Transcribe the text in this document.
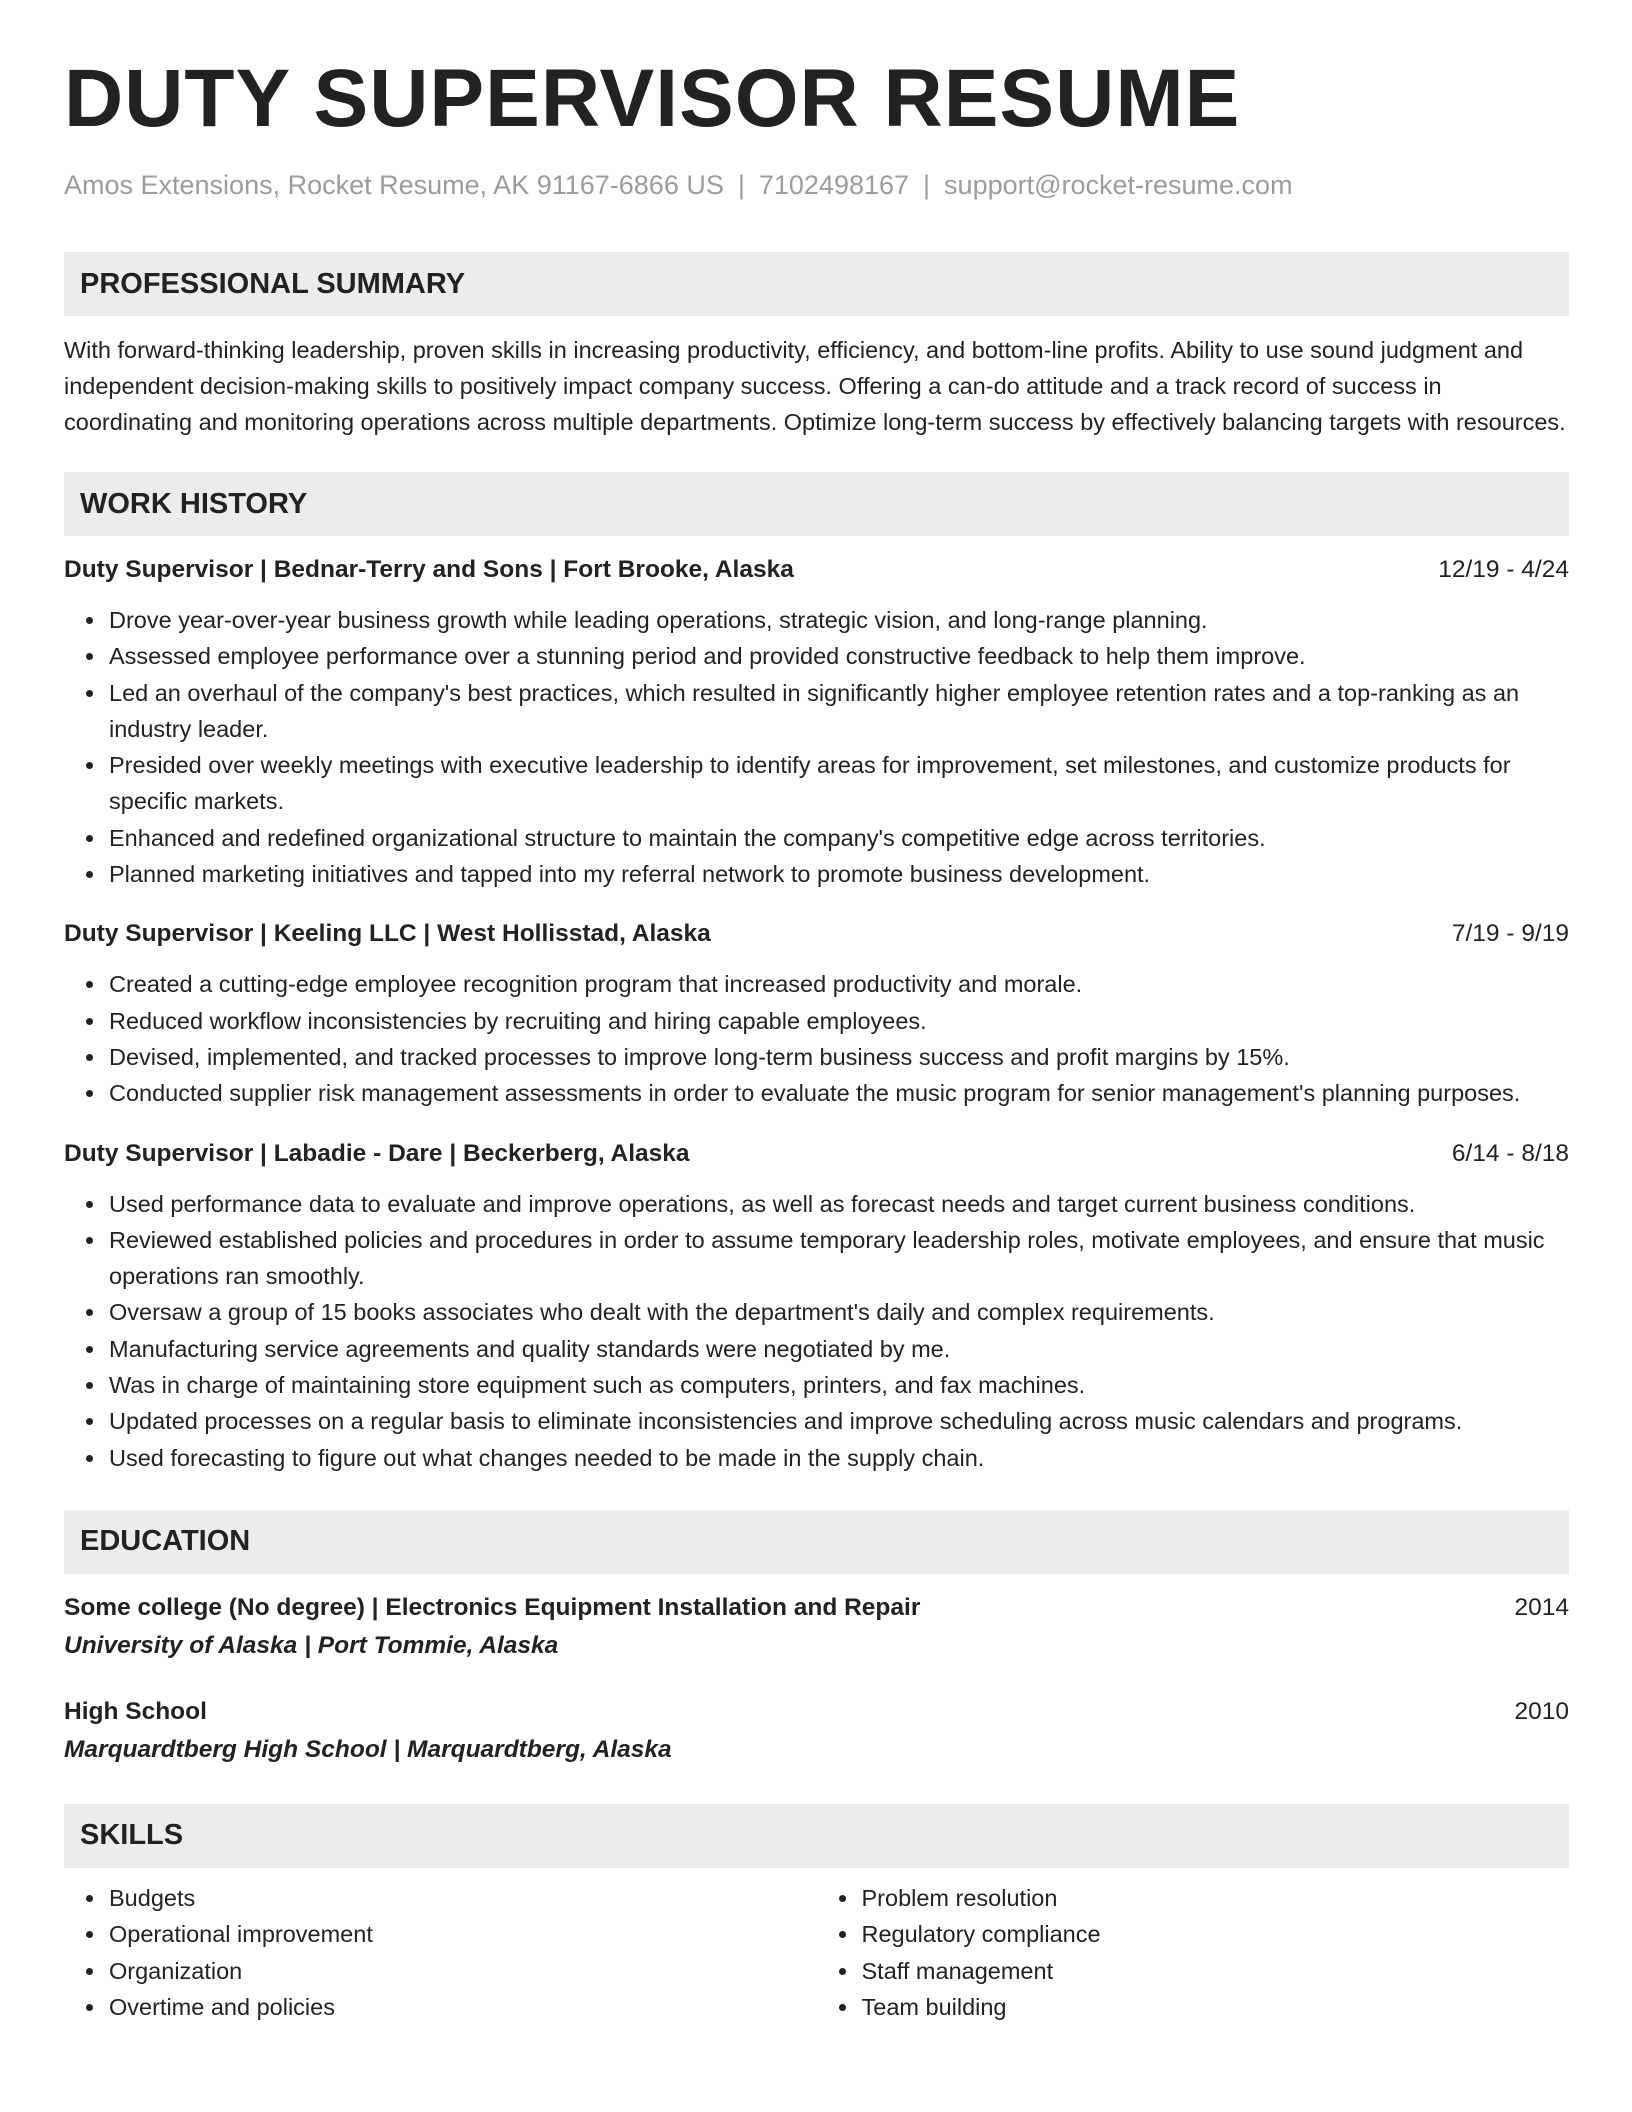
DUTY SUPERVISOR RESUME
Amos Extensions, Rocket Resume, AK 91167-6866 US | 7102498167 | support@rocket-resume.com
PROFESSIONAL SUMMARY
With forward-thinking leadership, proven skills in increasing productivity, efficiency, and bottom-line profits. Ability to use sound judgment and independent decision-making skills to positively impact company success. Offering a can-do attitude and a track record of success in coordinating and monitoring operations across multiple departments. Optimize long-term success by effectively balancing targets with resources.
WORK HISTORY
Duty Supervisor | Bednar-Terry and Sons | Fort Brooke, Alaska	12/19 - 4/24
• Drove year-over-year business growth while leading operations, strategic vision, and long-range planning.
• Assessed employee performance over a stunning period and provided constructive feedback to help them improve.
• Led an overhaul of the company's best practices, which resulted in significantly higher employee retention rates and a top-ranking as an industry leader.
• Presided over weekly meetings with executive leadership to identify areas for improvement, set milestones, and customize products for specific markets.
• Enhanced and redefined organizational structure to maintain the company's competitive edge across territories.
• Planned marketing initiatives and tapped into my referral network to promote business development.
Duty Supervisor | Keeling LLC | West Hollisstad, Alaska	7/19 - 9/19
• Created a cutting-edge employee recognition program that increased productivity and morale.
• Reduced workflow inconsistencies by recruiting and hiring capable employees.
• Devised, implemented, and tracked processes to improve long-term business success and profit margins by 15%.
• Conducted supplier risk management assessments in order to evaluate the music program for senior management's planning purposes.
Duty Supervisor | Labadie - Dare | Beckerberg, Alaska	6/14 - 8/18
• Used performance data to evaluate and improve operations, as well as forecast needs and target current business conditions.
• Reviewed established policies and procedures in order to assume temporary leadership roles, motivate employees, and ensure that music operations ran smoothly.
• Oversaw a group of 15 books associates who dealt with the department's daily and complex requirements.
• Manufacturing service agreements and quality standards were negotiated by me.
• Was in charge of maintaining store equipment such as computers, printers, and fax machines.
• Updated processes on a regular basis to eliminate inconsistencies and improve scheduling across music calendars and programs.
• Used forecasting to figure out what changes needed to be made in the supply chain.
EDUCATION
Some college (No degree) | Electronics Equipment Installation and Repair	2014
University of Alaska | Port Tommie, Alaska
High School	2010
Marquardtberg High School | Marquardtberg, Alaska
SKILLS
• Budgets
• Operational improvement
• Organization
• Overtime and policies
• Problem resolution
• Regulatory compliance
• Staff management
• Team building
